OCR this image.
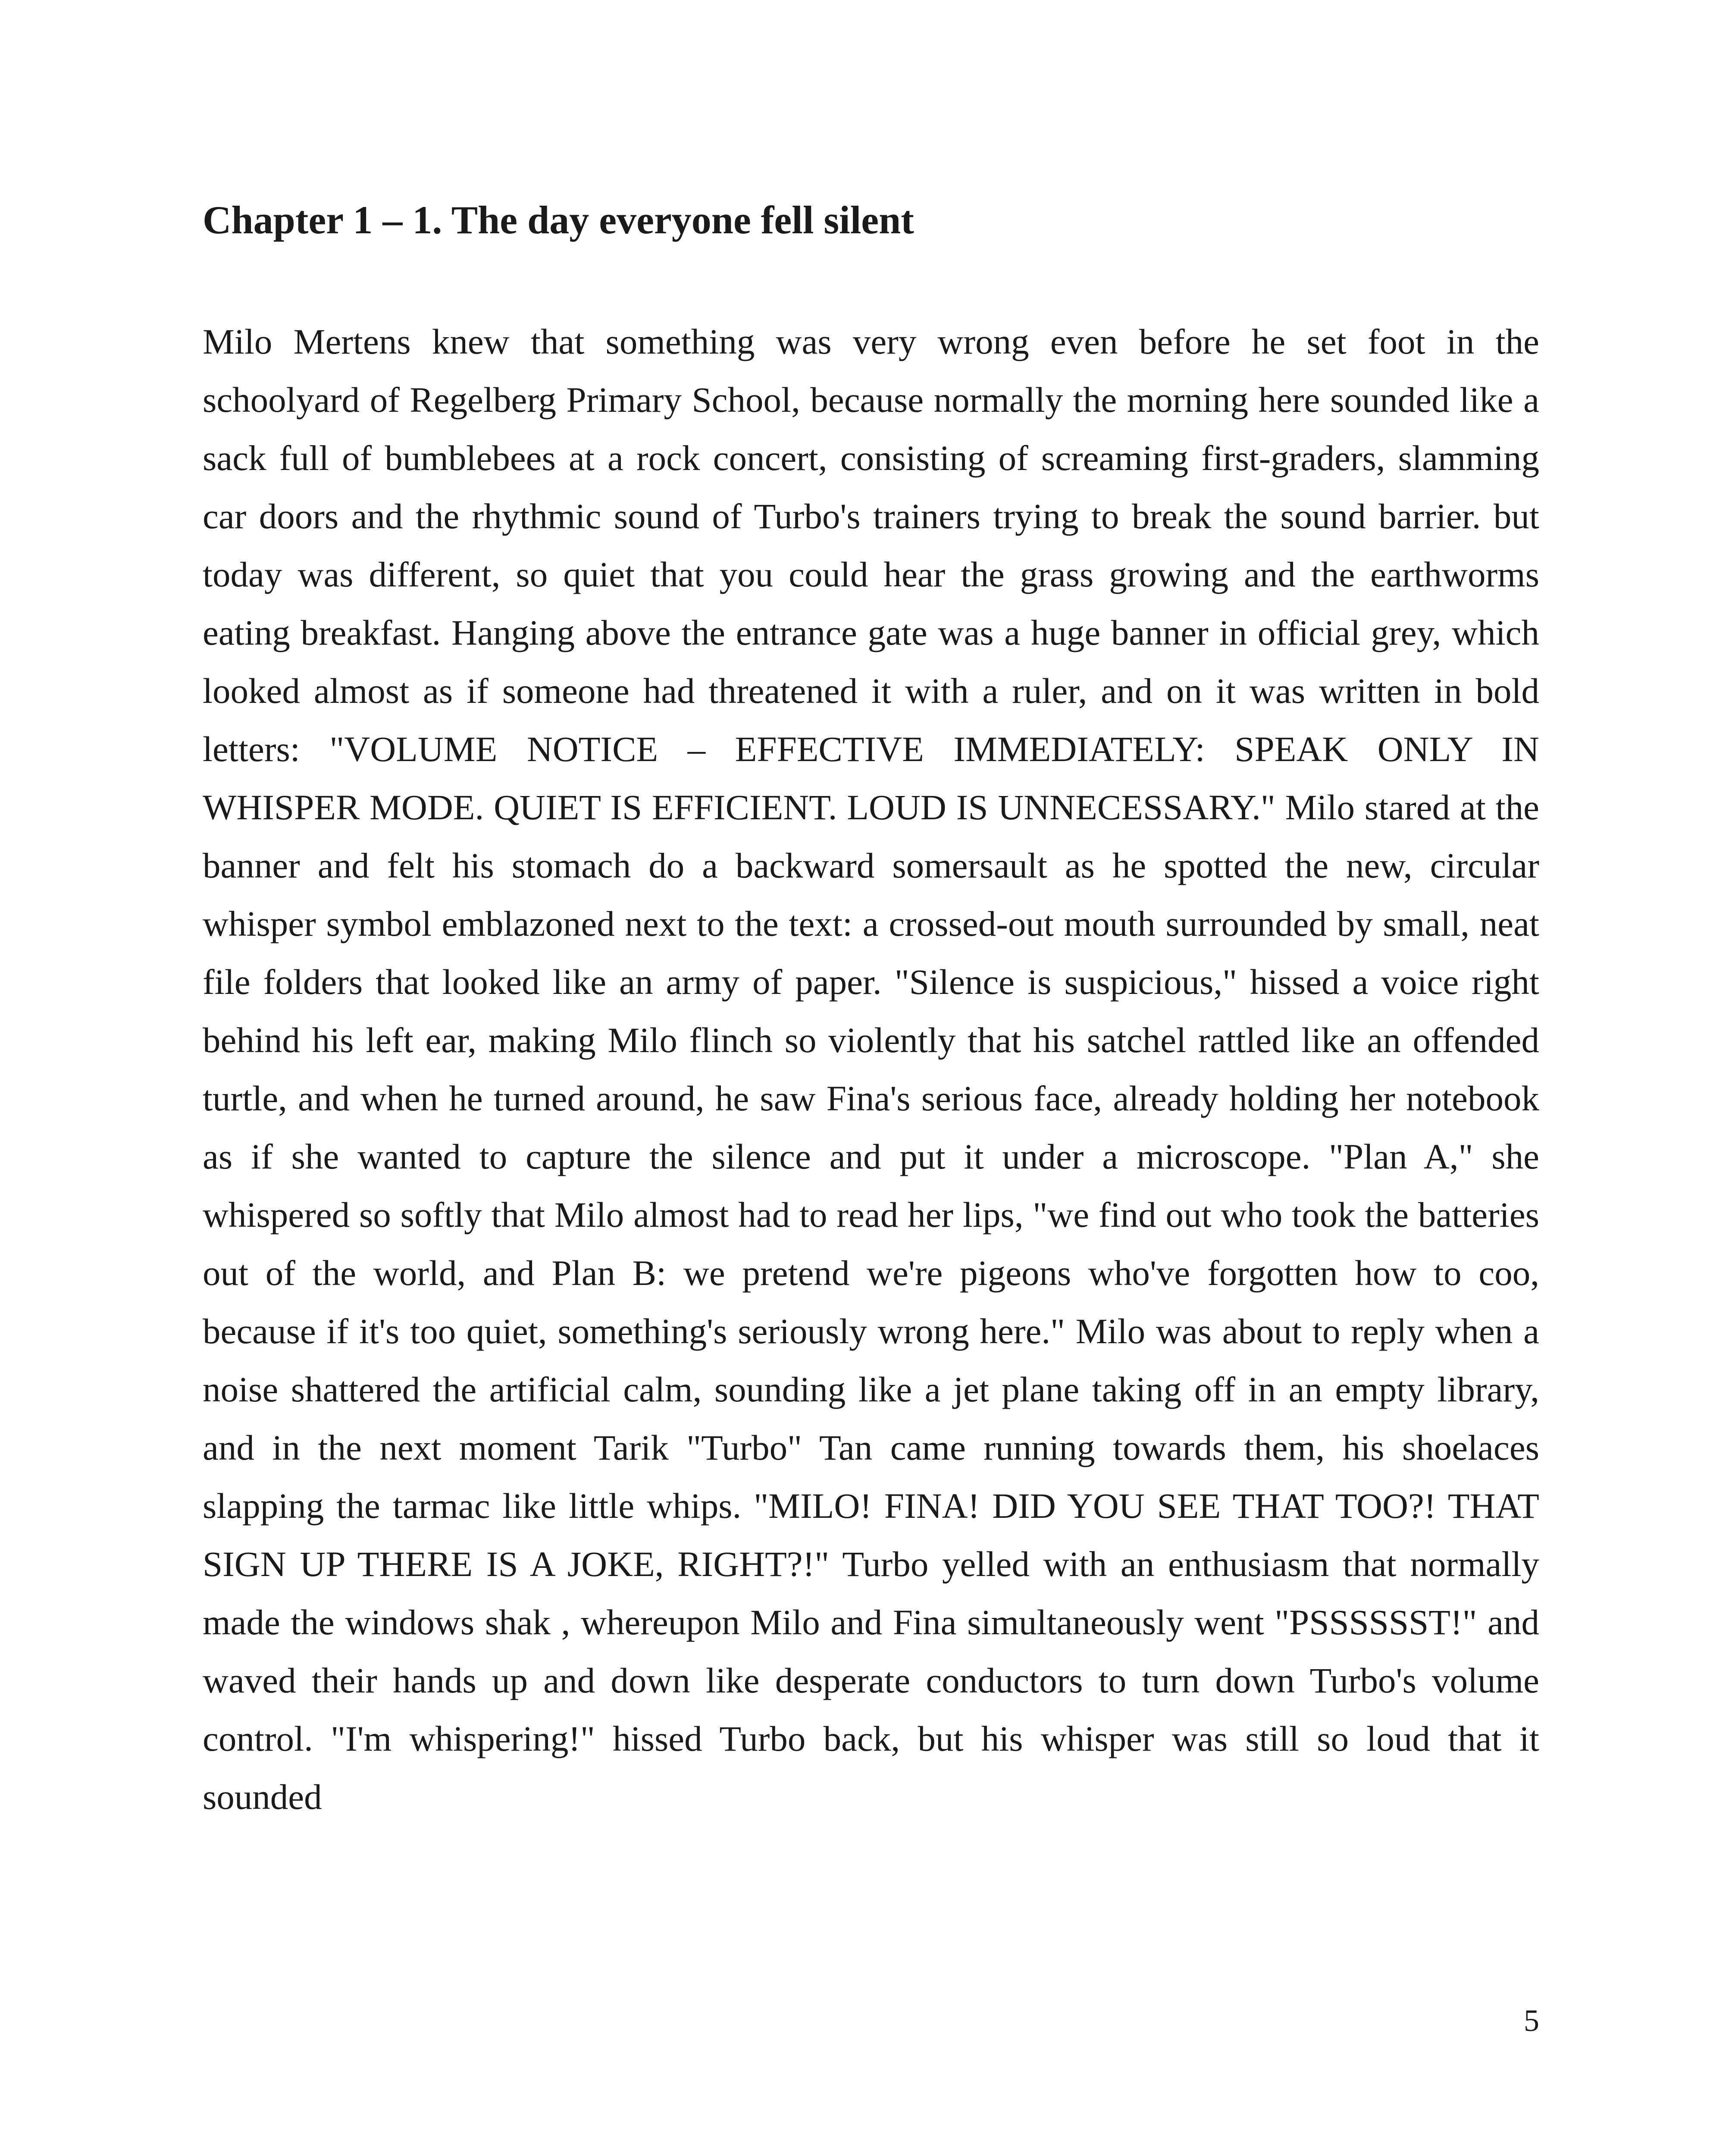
Chapter 1 – 1. The day everyone fell silent

Milo Mertens knew that something was very wrong even before he set foot in the schoolyard of Regelberg Primary School, because normally the morning here sounded like a sack full of bumblebees at a rock concert, consisting of screaming first-graders, slamming car doors and the rhythmic sound of Turbo's trainers trying to break the sound barrier. but today was different, so quiet that you could hear the grass growing and the earthworms eating breakfast. Hanging above the entrance gate was a huge banner in official grey, which looked almost as if someone had threatened it with a ruler, and on it was written in bold letters: "VOLUME NOTICE – EFFECTIVE IMMEDIATELY: SPEAK ONLY IN WHISPER MODE. QUIET IS EFFICIENT. LOUD IS UNNECESSARY." Milo stared at the banner and felt his stomach do a backward somersault as he spotted the new, circular whisper symbol emblazoned next to the text: a crossed-out mouth surrounded by small, neat file folders that looked like an army of paper. "Silence is suspicious," hissed a voice right behind his left ear, making Milo flinch so violently that his satchel rattled like an offended turtle, and when he turned around, he saw Fina's serious face, already holding her notebook as if she wanted to capture the silence and put it under a microscope. "Plan A," she whispered so softly that Milo almost had to read her lips, "we find out who took the batteries out of the world, and Plan B: we pretend we're pigeons who've forgotten how to coo, because if it's too quiet, something's seriously wrong here." Milo was about to reply when a noise shattered the artificial calm, sounding like a jet plane taking off in an empty library, and in the next moment Tarik "Turbo" Tan came running towards them, his shoelaces slapping the tarmac like little whips. "MILO! FINA! DID YOU SEE THAT TOO?! THAT SIGN UP THERE IS A JOKE, RIGHT?!" Turbo yelled with an enthusiasm that normally made the windows shak , whereupon Milo and Fina simultaneously went "PSSSSSST!" and waved their hands up and down like desperate conductors to turn down Turbo's volume control. "I'm whispering!" hissed Turbo back, but his whisper was still so loud that it sounded

5
